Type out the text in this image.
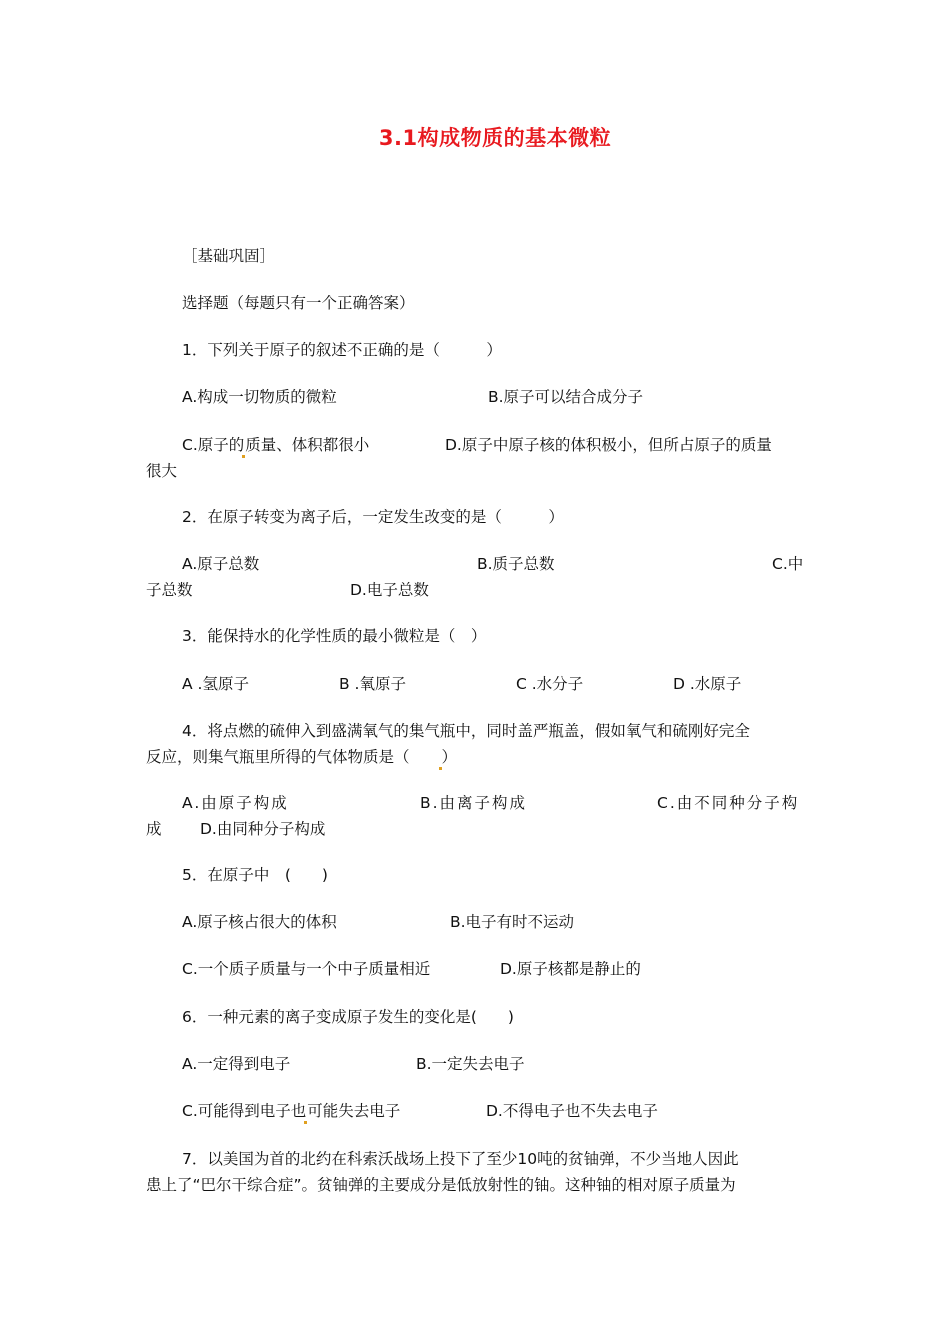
3.1构成物质的基本微粒
［基础巩固］
选择题（每题只有一个正确答案）
1．下列关于原子的叙述不正确的是（　　　）
A.构成一切物质的微粒	B.原子可以结合成分子
C.原子的质量、体积都很小	D.原子中原子核的体积极小，但所占原子的质量
很大
2．在原子转变为离子后，一定发生改变的是（　　　）
A.原子总数	B.质子总数	C.中
子总数	D.电子总数
3．能保持水的化学性质的最小微粒是（　）
A .氢原子	B .氧原子	C .水分子	D .水原子
4．将点燃的硫伸入到盛满氧气的集气瓶中，同时盖严瓶盖，假如氧气和硫刚好完全
反应，则集气瓶里所得的气体物质是（　　）
A.由原子构成	B.由离子构成	C.由不同种分子构
成	D.由同种分子构成
5．在原子中　(　　)
A.原子核占很大的体积	B.电子有时不运动
C.一个质子质量与一个中子质量相近	D.原子核都是静止的
6．一种元素的离子变成原子发生的变化是(　　)
A.一定得到电子	B.一定失去电子
C.可能得到电子也可能失去电子	D.不得电子也不失去电子
7．以美国为首的北约在科索沃战场上投下了至少10吨的贫铀弹，不少当地人因此
患上了“巴尔干综合症”。贫铀弹的主要成分是低放射性的铀。这种铀的相对原子质量为
